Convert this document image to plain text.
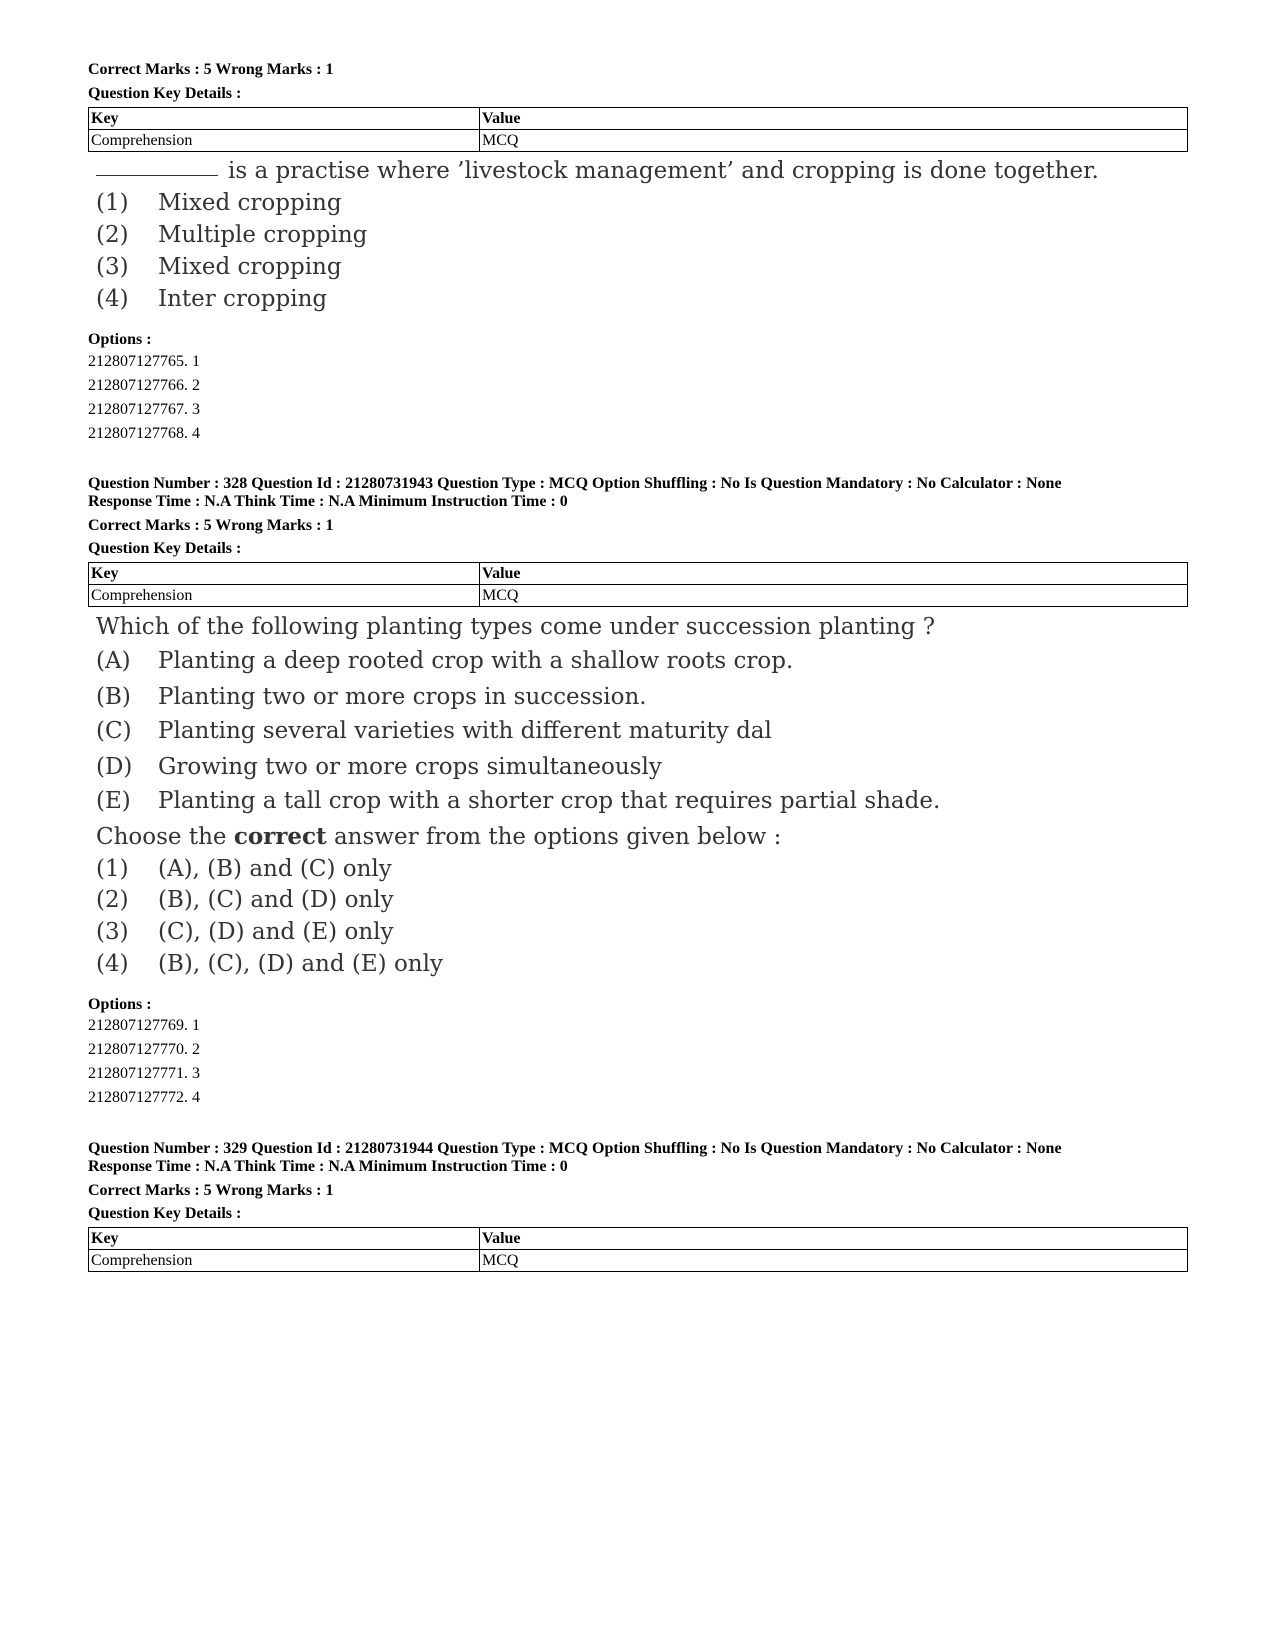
Correct Marks : 5 Wrong Marks : 1
Question Key Details :
Key	Value
Comprehension	MCQ
is a practise where ’livestock management’ and cropping is done together.
(1) Mixed cropping
(2) Multiple cropping
(3) Mixed cropping
(4) Inter cropping
Options :
212807127765. 1
212807127766. 2
212807127767. 3
212807127768. 4
Question Number : 328 Question Id : 21280731943 Question Type : MCQ Option Shuffling : No Is Question Mandatory : No Calculator : None
Response Time : N.A Think Time : N.A Minimum Instruction Time : 0
Correct Marks : 5 Wrong Marks : 1
Question Key Details :
Key	Value
Comprehension	MCQ
Which of the following planting types come under succession planting ?
(A) Planting a deep rooted crop with a shallow roots crop.
(B) Planting two or more crops in succession.
(C) Planting several varieties with different maturity dal
(D) Growing two or more crops simultaneously
(E) Planting a tall crop with a shorter crop that requires partial shade.
Choose the correct answer from the options given below :
(1) (A), (B) and (C) only
(2) (B), (C) and (D) only
(3) (C), (D) and (E) only
(4) (B), (C), (D) and (E) only
Options :
212807127769. 1
212807127770. 2
212807127771. 3
212807127772. 4
Question Number : 329 Question Id : 21280731944 Question Type : MCQ Option Shuffling : No Is Question Mandatory : No Calculator : None
Response Time : N.A Think Time : N.A Minimum Instruction Time : 0
Correct Marks : 5 Wrong Marks : 1
Question Key Details :
Key	Value
Comprehension	MCQ
